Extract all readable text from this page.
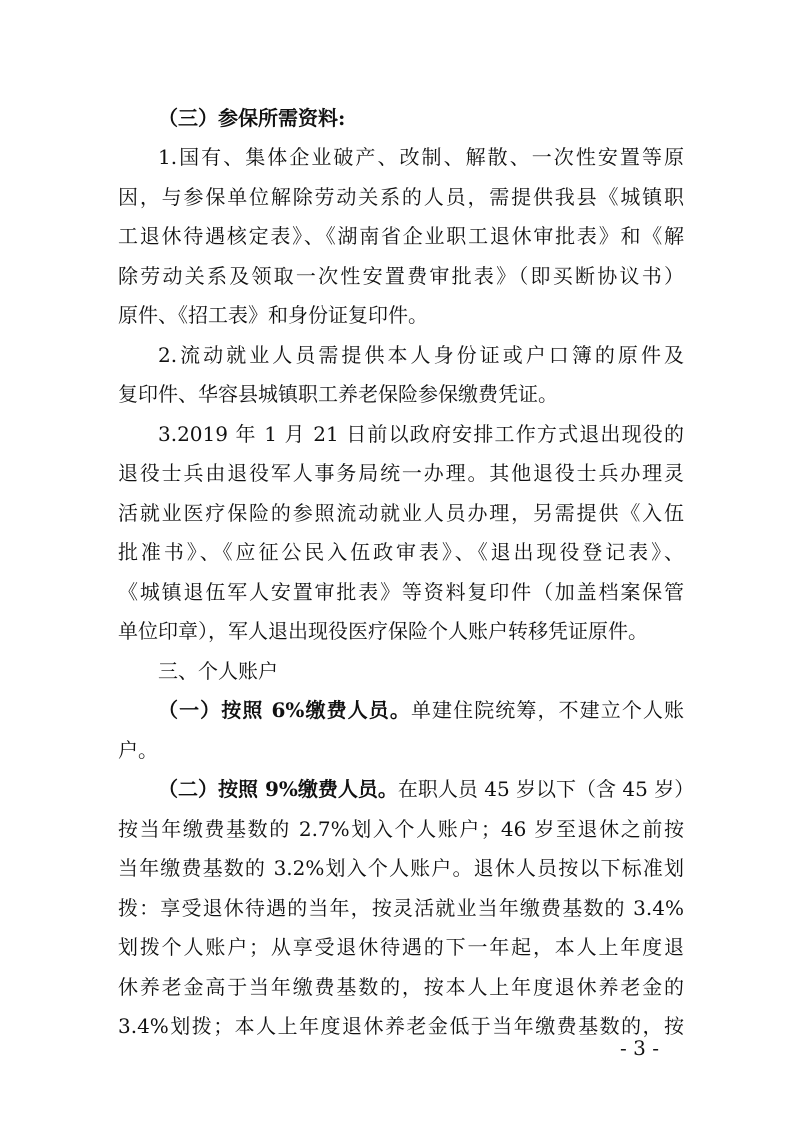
（三）参保所需资料:
1.国有、集体企业破产、改制、解散、一次性安置等原
因，与参保单位解除劳动关系的人员，需提供我县《城镇职
工退休待遇核定表》、《湖南省企业职工退休审批表》和《解
除劳动关系及领取一次性安置费审批表》（即买断协议书）
原件、《招工表》和身份证复印件。
2.流动就业人员需提供本人身份证或户口簿的原件及
复印件、华容县城镇职工养老保险参保缴费凭证。
3.2019 年 1 月 21 日前以政府安排工作方式退出现役的
退役士兵由退役军人事务局统一办理。其他退役士兵办理灵
活就业医疗保险的参照流动就业人员办理，另需提供《入伍
批准书》、《应征公民入伍政审表》、《退出现役登记表》、
《城镇退伍军人安置审批表》等资料复印件（加盖档案保管
单位印章），军人退出现役医疗保险个人账户转移凭证原件。
三、个人账户
（一）按照 6%缴费人员。单建住院统筹，不建立个人账
户。
（二）按照 9%缴费人员。在职人员 45 岁以下（含 45 岁）
按当年缴费基数的 2.7%划入个人账户；46 岁至退休之前按
当年缴费基数的 3.2%划入个人账户。退休人员按以下标准划
拨：享受退休待遇的当年，按灵活就业当年缴费基数的 3.4%
划拨个人账户；从享受退休待遇的下一年起，本人上年度退
休养老金高于当年缴费基数的，按本人上年度退休养老金的
3.4%划拨；本人上年度退休养老金低于当年缴费基数的，按
- 3 -
